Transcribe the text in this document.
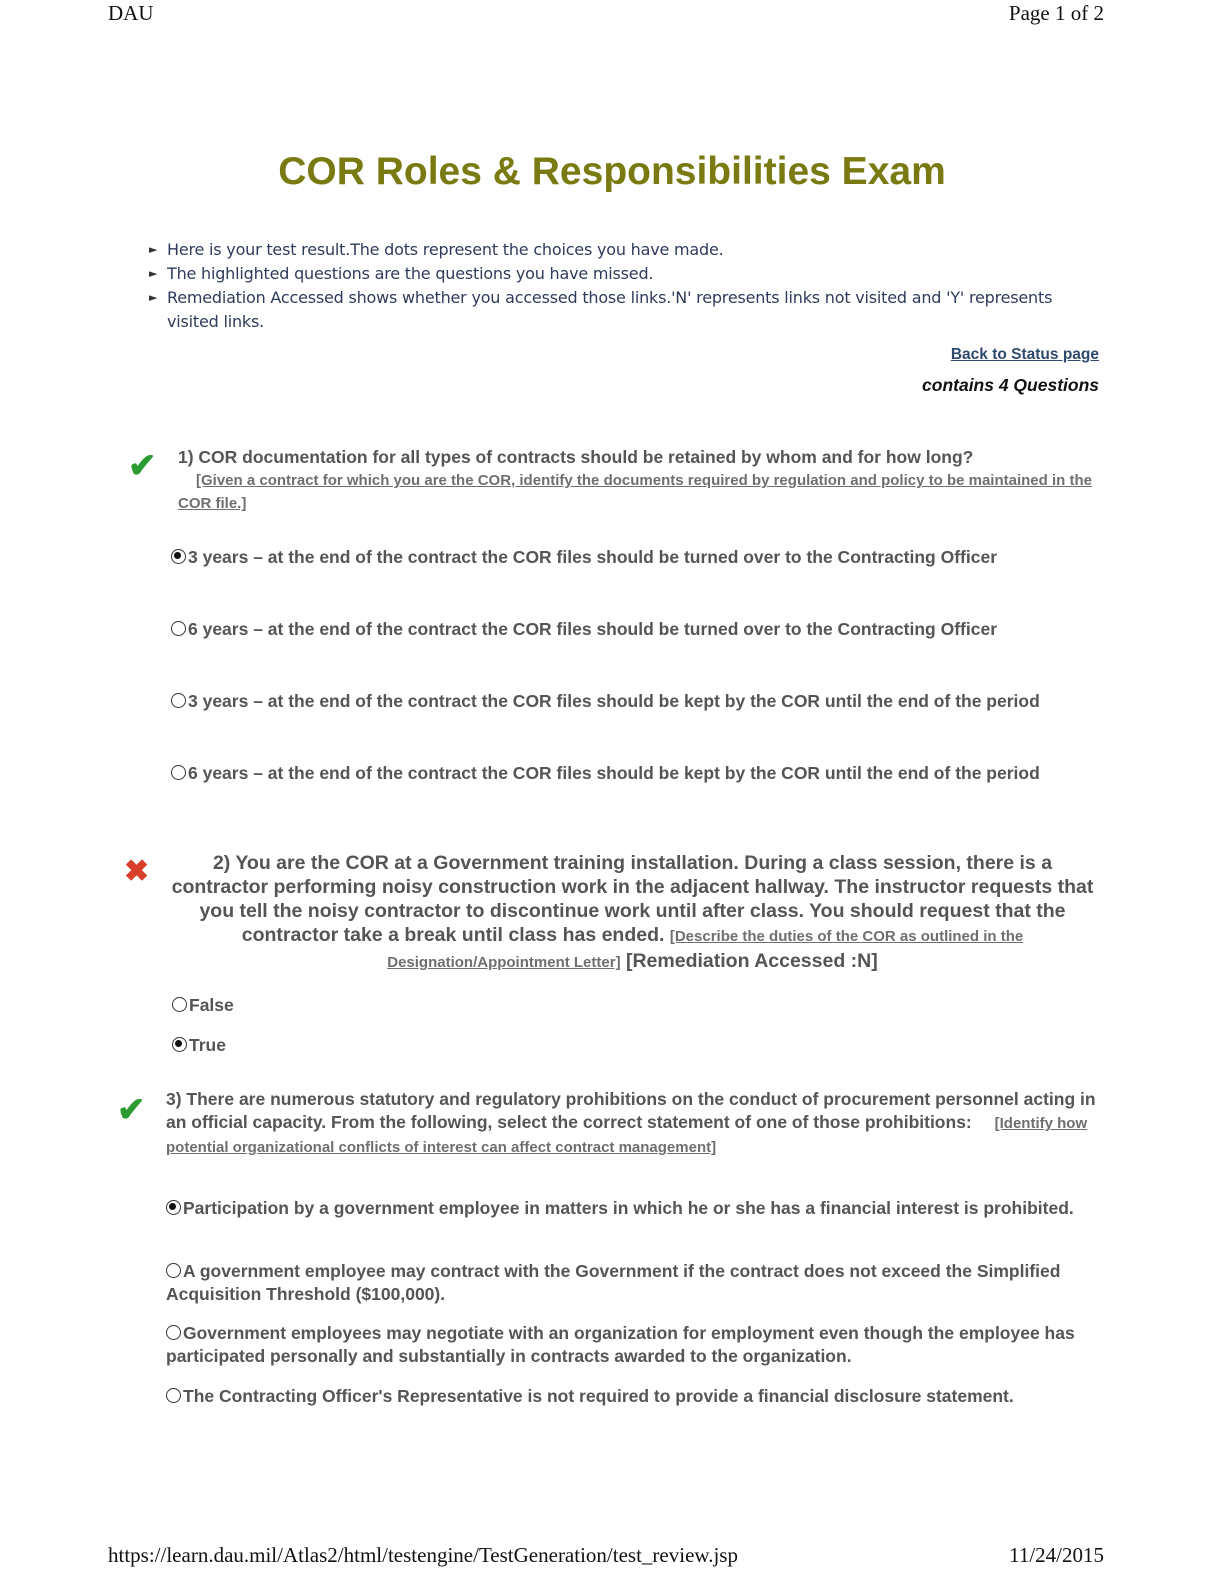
DAU	Page 1 of 2
COR Roles & Responsibilities Exam
► Here is your test result.The dots represent the choices you have made.
► The highlighted questions are the questions you have missed.
► Remediation Accessed shows whether you accessed those links.'N' represents links not visited and 'Y' represents visited links.
Back to Status page
contains 4 Questions
✔ 1) COR documentation for all types of contracts should be retained by whom and for how long?
[Given a contract for which you are the COR, identify the documents required by regulation and policy to be maintained in the COR file.]
3 years – at the end of the contract the COR files should be turned over to the Contracting Officer
6 years – at the end of the contract the COR files should be turned over to the Contracting Officer
3 years – at the end of the contract the COR files should be kept by the COR until the end of the period
6 years – at the end of the contract the COR files should be kept by the COR until the end of the period
✖	2) You are the COR at a Government training installation. During a class session, there is a contractor performing noisy construction work in the adjacent hallway. The instructor requests that you tell the noisy contractor to discontinue work until after class. You should request that the contractor take a break until class has ended. [Describe the duties of the COR as outlined in the Designation/Appointment Letter] [Remediation Accessed :N]
False
True
✔ 3) There are numerous statutory and regulatory prohibitions on the conduct of procurement personnel acting in an official capacity. From the following, select the correct statement of one of those prohibitions: [Identify how potential organizational conflicts of interest can affect contract management]
Participation by a government employee in matters in which he or she has a financial interest is prohibited.
A government employee may contract with the Government if the contract does not exceed the Simplified Acquisition Threshold ($100,000).
Government employees may negotiate with an organization for employment even though the employee has participated personally and substantially in contracts awarded to the organization.
The Contracting Officer's Representative is not required to provide a financial disclosure statement.
https://learn.dau.mil/Atlas2/html/testengine/TestGeneration/test_review.jsp	11/24/2015
